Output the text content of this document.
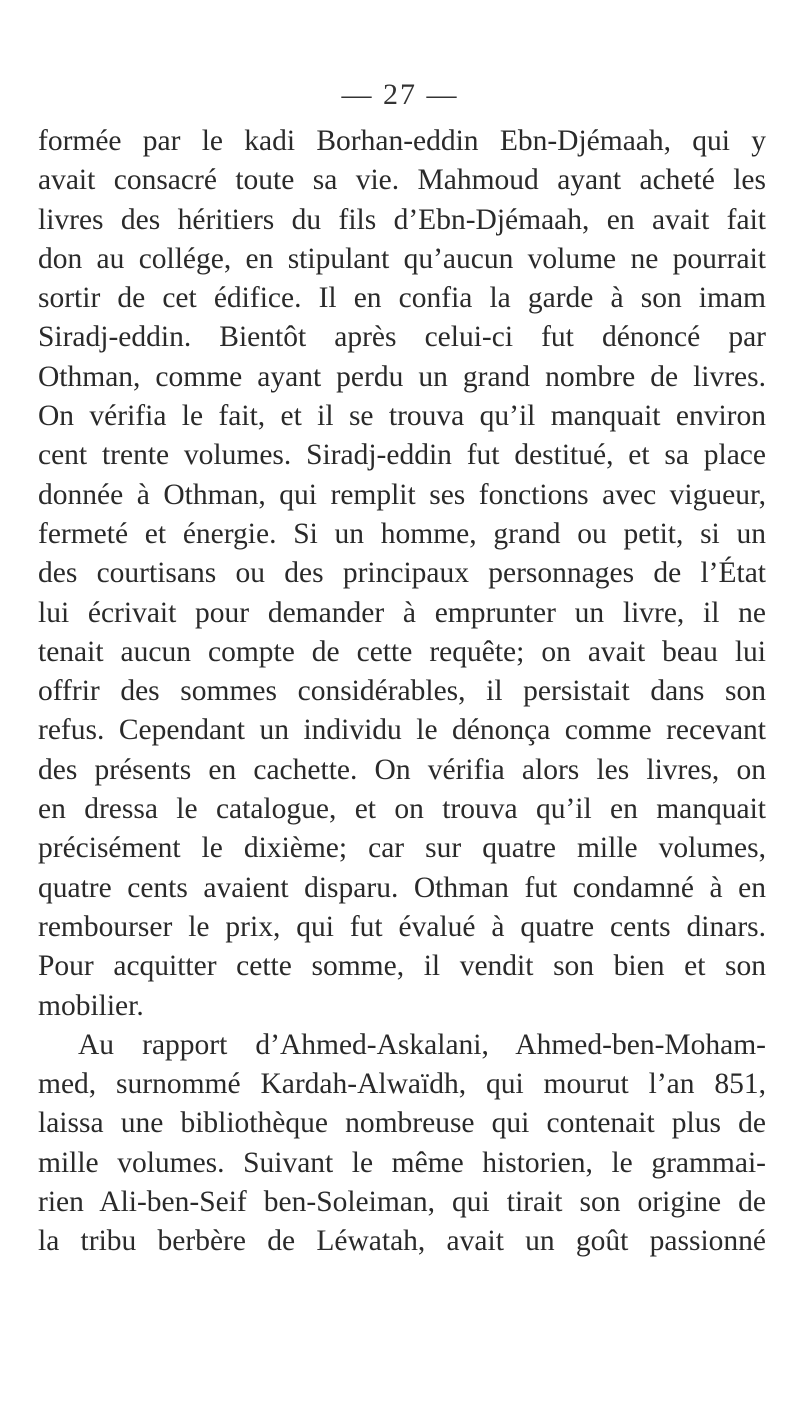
— 27 —
formée par le kadi Borhan-eddin Ebn-Djémaah, qui y
avait consacré toute sa vie. Mahmoud ayant acheté les
livres des héritiers du fils d’Ebn-Djémaah, en avait fait
don au collége, en stipulant qu’aucun volume ne pourrait
sortir de cet édifice. Il en confia la garde à son imam
Siradj-eddin. Bientôt après celui-ci fut dénoncé par
Othman, comme ayant perdu un grand nombre de livres.
On vérifia le fait, et il se trouva qu’il manquait environ
cent trente volumes. Siradj-eddin fut destitué, et sa place
donnée à Othman, qui remplit ses fonctions avec vigueur,
fermeté et énergie. Si un homme, grand ou petit, si un
des courtisans ou des principaux personnages de l’État
lui écrivait pour demander à emprunter un livre, il ne
tenait aucun compte de cette requête; on avait beau lui
offrir des sommes considérables, il persistait dans son
refus. Cependant un individu le dénonça comme recevant
des présents en cachette. On vérifia alors les livres, on
en dressa le catalogue, et on trouva qu’il en manquait
précisément le dixième; car sur quatre mille volumes,
quatre cents avaient disparu. Othman fut condamné à en
rembourser le prix, qui fut évalué à quatre cents dinars.
Pour acquitter cette somme, il vendit son bien et son
mobilier.
Au rapport d’Ahmed-Askalani, Ahmed-ben-Moham-
med, surnommé Kardah-Alwaïdh, qui mourut l’an 851,
laissa une bibliothèque nombreuse qui contenait plus de
mille volumes. Suivant le même historien, le grammai-
rien Ali-ben-Seif ben-Soleiman, qui tirait son origine de
la tribu berbère de Léwatah, avait un goût passionné
